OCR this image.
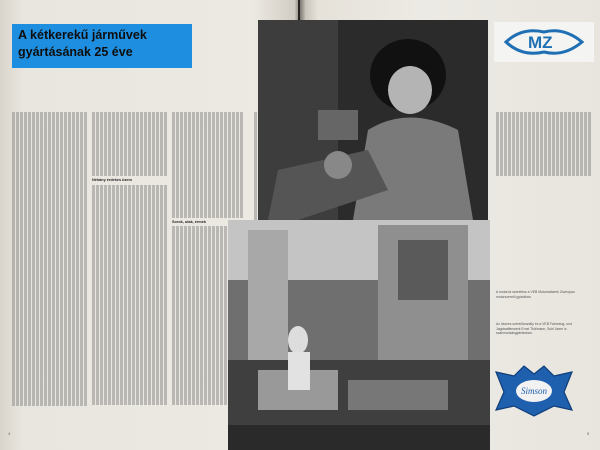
A kétkerekű járművek
gyártásának 25 éve
Néhány érdekes üzem
Sorok, utak, érmek
MZ
A motorok szerelése a VEB Motorradwerk Zschopau motorszerelő gyárában.
Az összes szerelőosztály és a VEB Fahrzeug- und Jagdwaffenwerk Ernst Thälmann, Suhl üzem is szakmunkásgyártásban.
Simson
4	5
